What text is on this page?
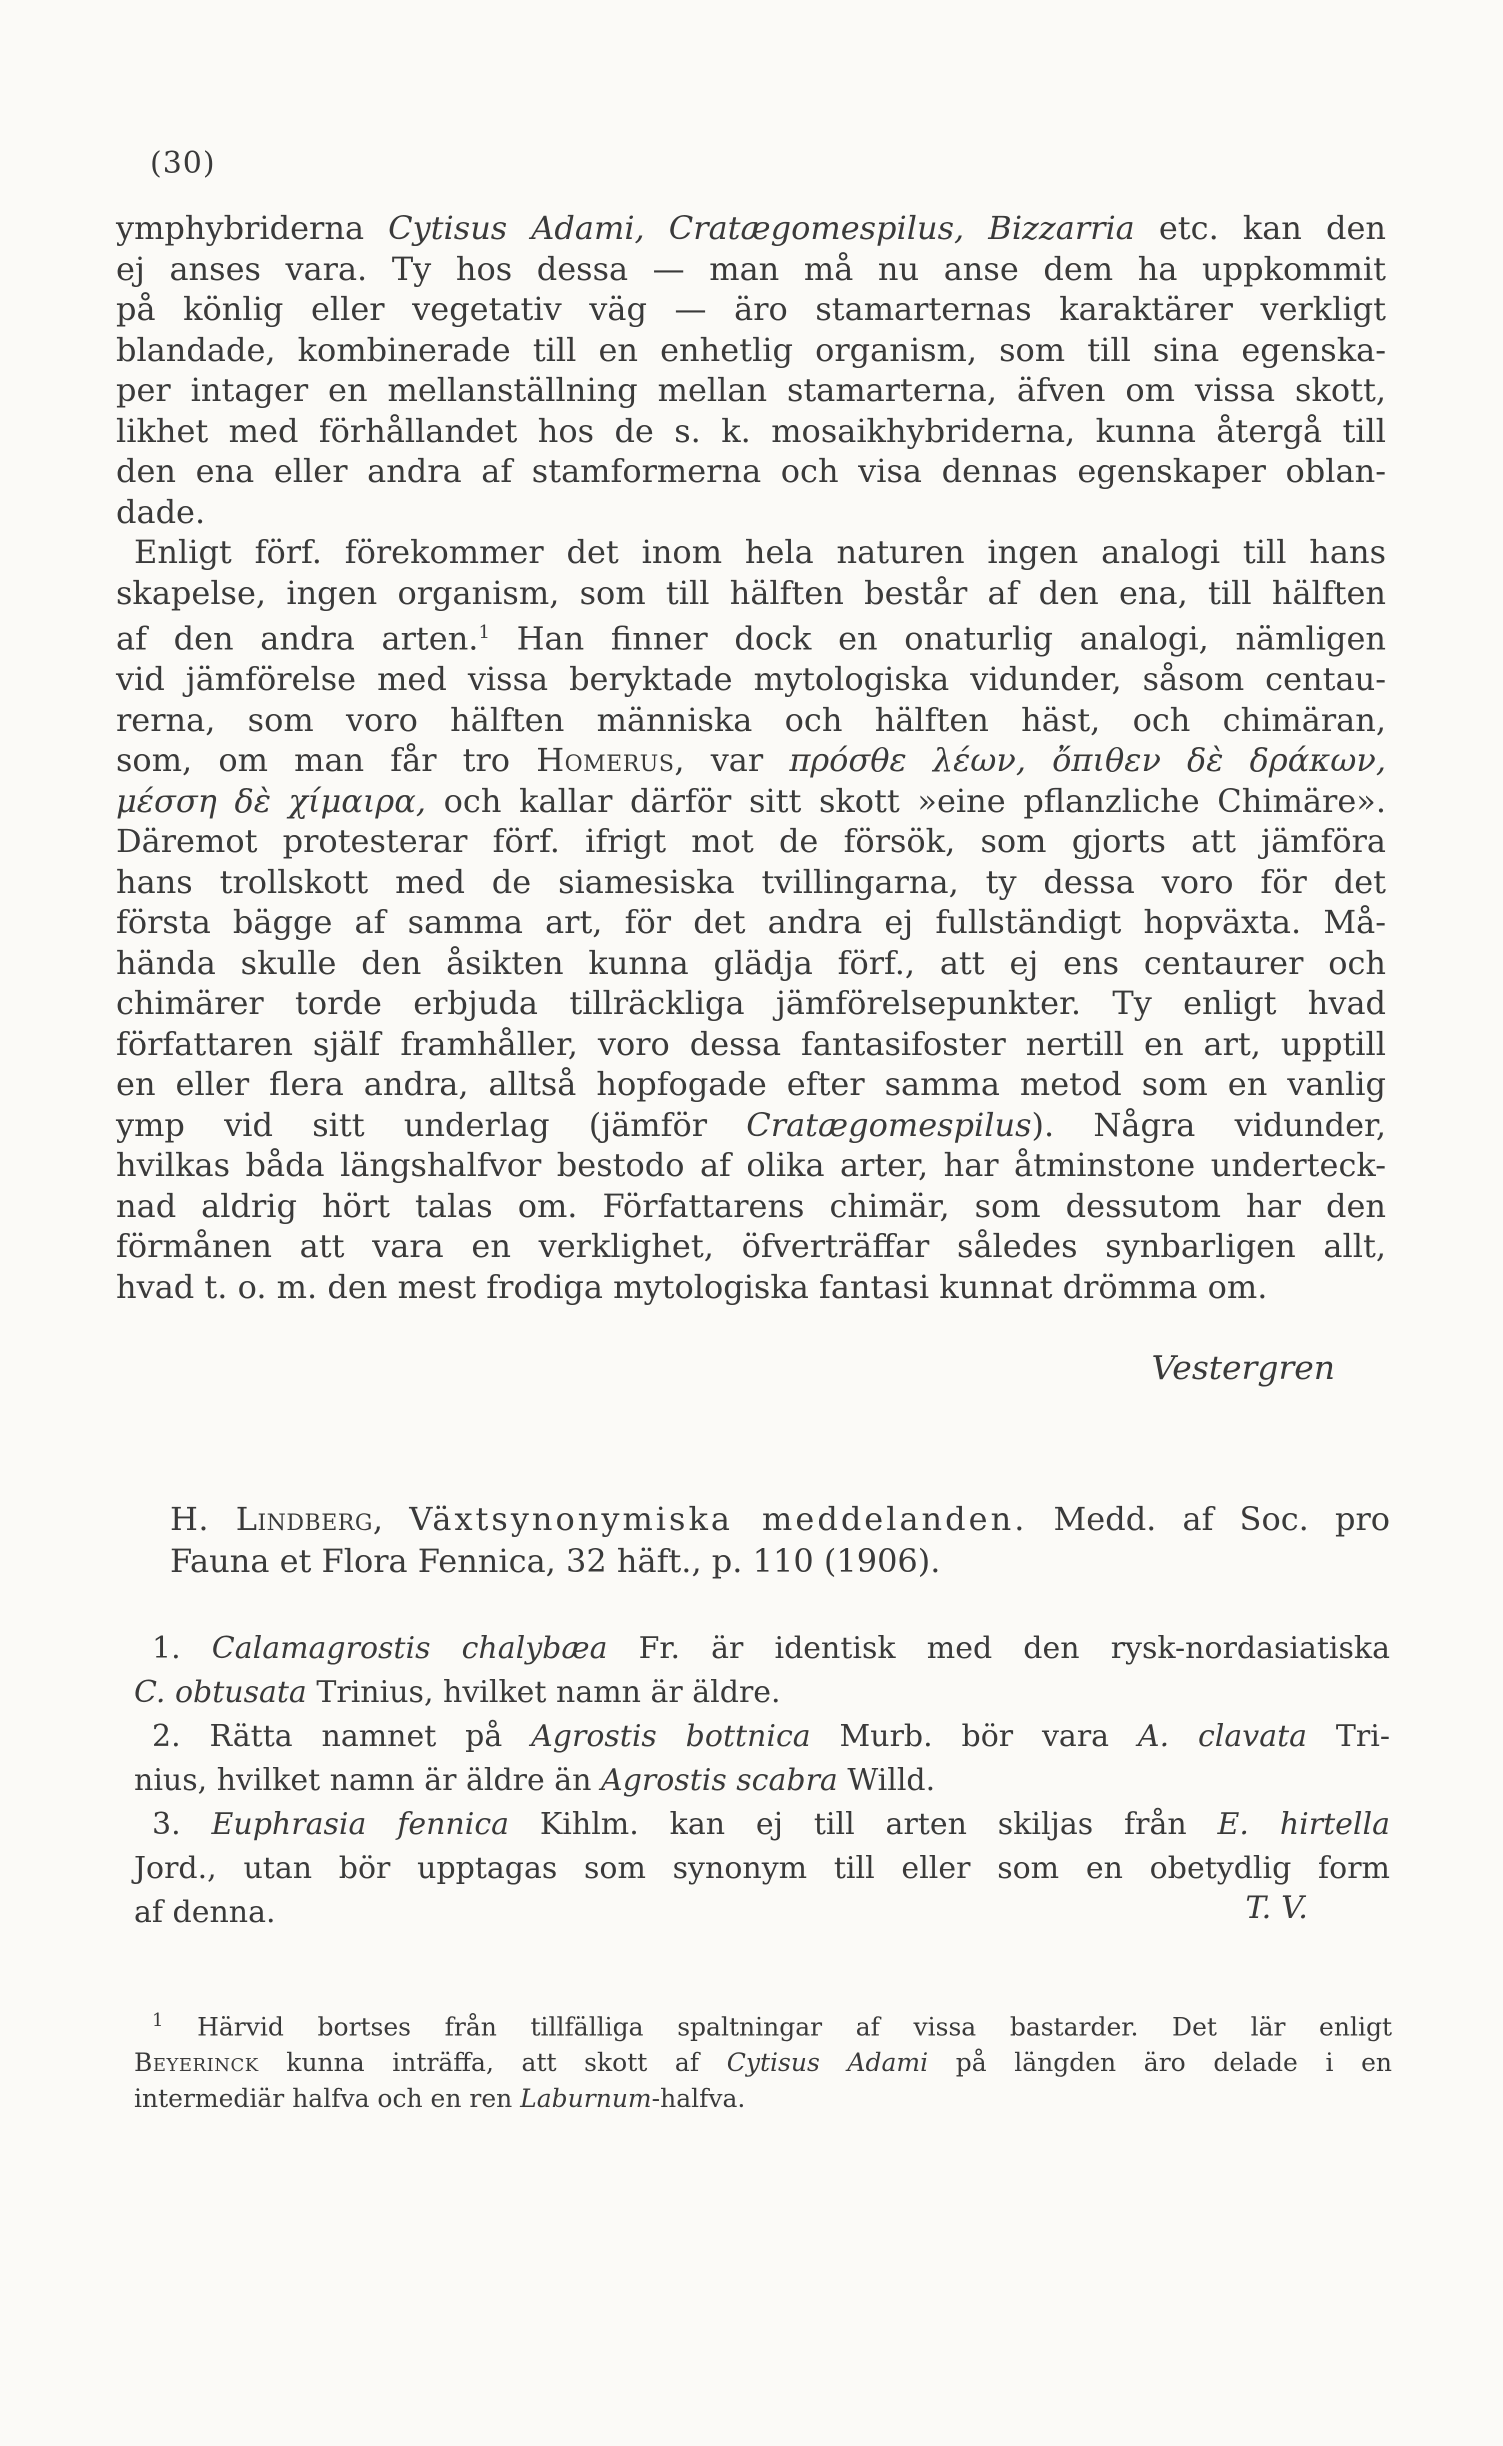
(30)
ymphybriderna Cytisus Adami, Cratægomespilus, Bizzarria etc. kan den
ej anses vara. Ty hos dessa — man må nu anse dem ha uppkommit
på könlig eller vegetativ väg — äro stamarternas karaktärer verkligt
blandade, kombinerade till en enhetlig organism, som till sina egenska-
per intager en mellanställning mellan stamarterna, äfven om vissa skott,
likhet med förhållandet hos de s. k. mosaikhybriderna, kunna återgå till
den ena eller andra af stamformerna och visa dennas egenskaper oblan-
dade.
Enligt förf. förekommer det inom hela naturen ingen analogi till hans
skapelse, ingen organism, som till hälften består af den ena, till hälften
af den andra arten.$^1$ Han finner dock en onaturlig analogi, nämligen
vid jämförelse med vissa beryktade mytologiska vidunder, såsom centau-
rerna, som voro hälften människa och hälften häst, och chimäran,
som, om man får tro Homerus, var πρόσθε λέων, ὄπιθεν δὲ δράκων,
μέσση δὲ χίμαιρα, och kallar därför sitt skott »eine pflanzliche Chimäre».
Däremot protesterar förf. ifrigt mot de försök, som gjorts att jämföra
hans trollskott med de siamesiska tvillingarna, ty dessa voro för det
första bägge af samma art, för det andra ej fullständigt hopväxta. Må-
hända skulle den åsikten kunna glädja förf., att ej ens centaurer och
chimärer torde erbjuda tillräckliga jämförelsepunkter. Ty enligt hvad
författaren själf framhåller, voro dessa fantasifoster nertill en art, upptill
en eller flera andra, alltså hopfogade efter samma metod som en vanlig
ymp vid sitt underlag (jämför Cratægomespilus). Några vidunder,
hvilkas båda längshalfvor bestodo af olika arter, har åtminstone underteck-
nad aldrig hört talas om. Författarens chimär, som dessutom har den
förmånen att vara en verklighet, öfverträffar således synbarligen allt,
hvad t. o. m. den mest frodiga mytologiska fantasi kunnat drömma om.
Vestergren
H. Lindberg, Växtsynonymiska meddelanden. Medd. af Soc. pro
Fauna et Flora Fennica, 32 häft., p. 110 (1906).
1. Calamagrostis chalybæa Fr. är identisk med den rysk-nordasiatiska
C. obtusata Trinius, hvilket namn är äldre.
2. Rätta namnet på Agrostis bottnica Murb. bör vara A. clavata Tri-
nius, hvilket namn är äldre än Agrostis scabra Willd.
3. Euphrasia fennica Kihlm. kan ej till arten skiljas från E. hirtella
Jord., utan bör upptagas som synonym till eller som en obetydlig form
af denna.	T. V.
$^1$ Härvid bortses från tillfälliga spaltningar af vissa bastarder. Det lär enligt
Beyerinck kunna inträffa, att skott af Cytisus Adami på längden äro delade i en
intermediär halfva och en ren Laburnum-halfva.
